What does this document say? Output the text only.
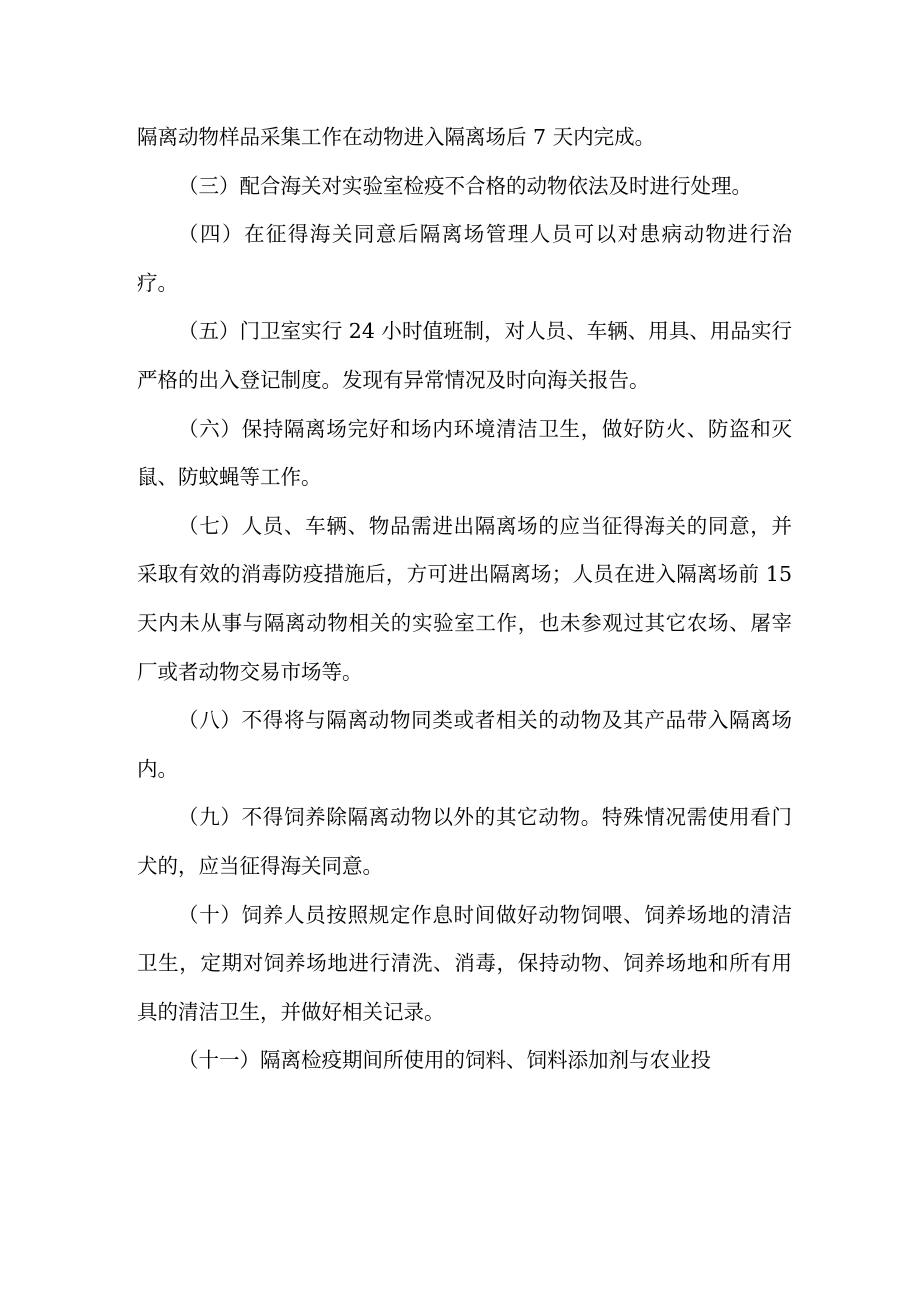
隔离动物样品采集工作在动物进入隔离场后 7 天内完成。

（三）配合海关对实验室检疫不合格的动物依法及时进行处理。

（四）在征得海关同意后隔离场管理人员可以对患病动物进行治疗。

（五）门卫室实行 24 小时值班制，对人员、车辆、用具、用品实行严格的出入登记制度。发现有异常情况及时向海关报告。

（六）保持隔离场完好和场内环境清洁卫生，做好防火、防盗和灭鼠、防蚊蝇等工作。

（七）人员、车辆、物品需进出隔离场的应当征得海关的同意，并采取有效的消毒防疫措施后，方可进出隔离场；人员在进入隔离场前 15 天内未从事与隔离动物相关的实验室工作，也未参观过其它农场、屠宰厂或者动物交易市场等。

（八）不得将与隔离动物同类或者相关的动物及其产品带入隔离场内。

（九）不得饲养除隔离动物以外的其它动物。特殊情况需使用看门犬的，应当征得海关同意。

（十）饲养人员按照规定作息时间做好动物饲喂、饲养场地的清洁卫生，定期对饲养场地进行清洗、消毒，保持动物、饲养场地和所有用具的清洁卫生，并做好相关记录。

（十一）隔离检疫期间所使用的饲料、饲料添加剂与农业投
